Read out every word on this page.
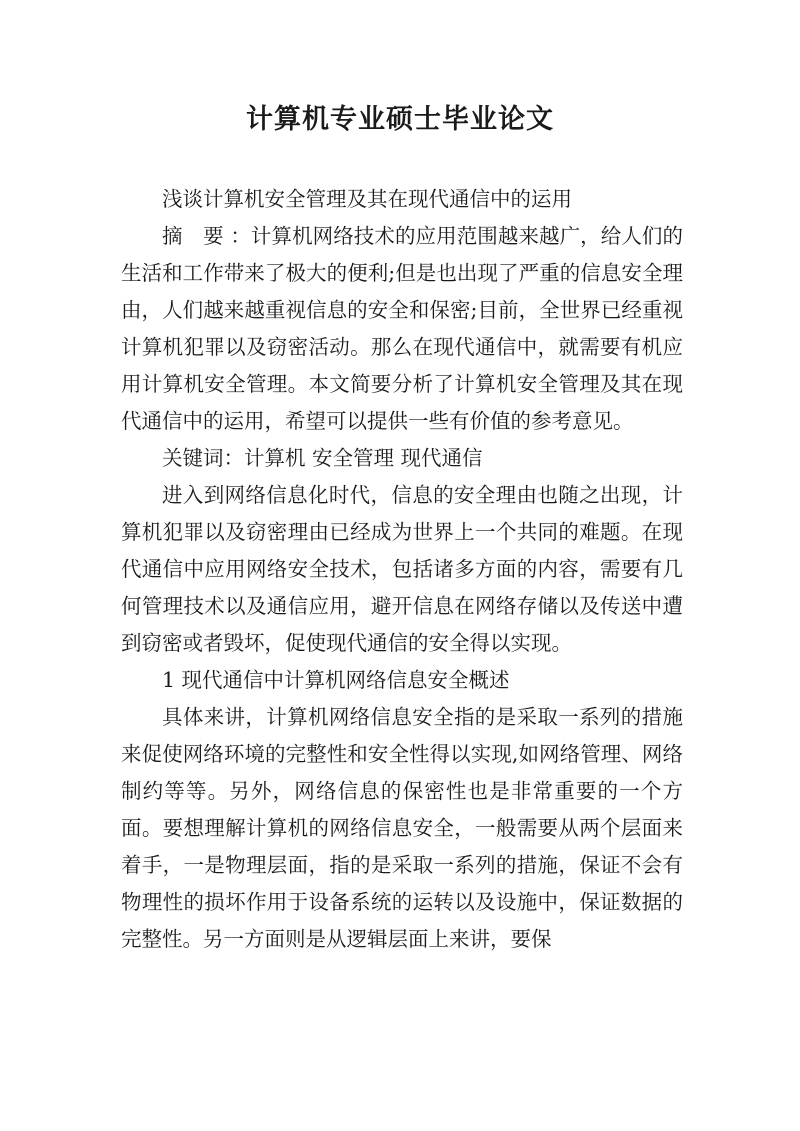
计算机专业硕士毕业论文

浅谈计算机安全管理及其在现代通信中的运用

摘　要 ：计算机网络技术的应用范围越来越广，给人们的生活和工作带来了极大的便利;但是也出现了严重的信息安全理由，人们越来越重视信息的安全和保密;目前，全世界已经重视计算机犯罪以及窃密活动。那么在现代通信中，就需要有机应用计算机安全管理。本文简要分析了计算机安全管理及其在现代通信中的运用，希望可以提供一些有价值的参考意见。

关键词：计算机 安全管理 现代通信

进入到网络信息化时代，信息的安全理由也随之出现，计算机犯罪以及窃密理由已经成为世界上一个共同的难题。在现代通信中应用网络安全技术，包括诸多方面的内容，需要有几何管理技术以及通信应用，避开信息在网络存储以及传送中遭到窃密或者毁坏，促使现代通信的安全得以实现。

1 现代通信中计算机网络信息安全概述

具体来讲，计算机网络信息安全指的是采取一系列的措施来促使网络环境的完整性和安全性得以实现,如网络管理、网络制约等等。另外，网络信息的保密性也是非常重要的一个方面。要想理解计算机的网络信息安全，一般需要从两个层面来着手，一是物理层面，指的是采取一系列的措施，保证不会有物理性的损坏作用于设备系统的运转以及设施中，保证数据的完整性。另一方面则是从逻辑层面上来讲，要保
